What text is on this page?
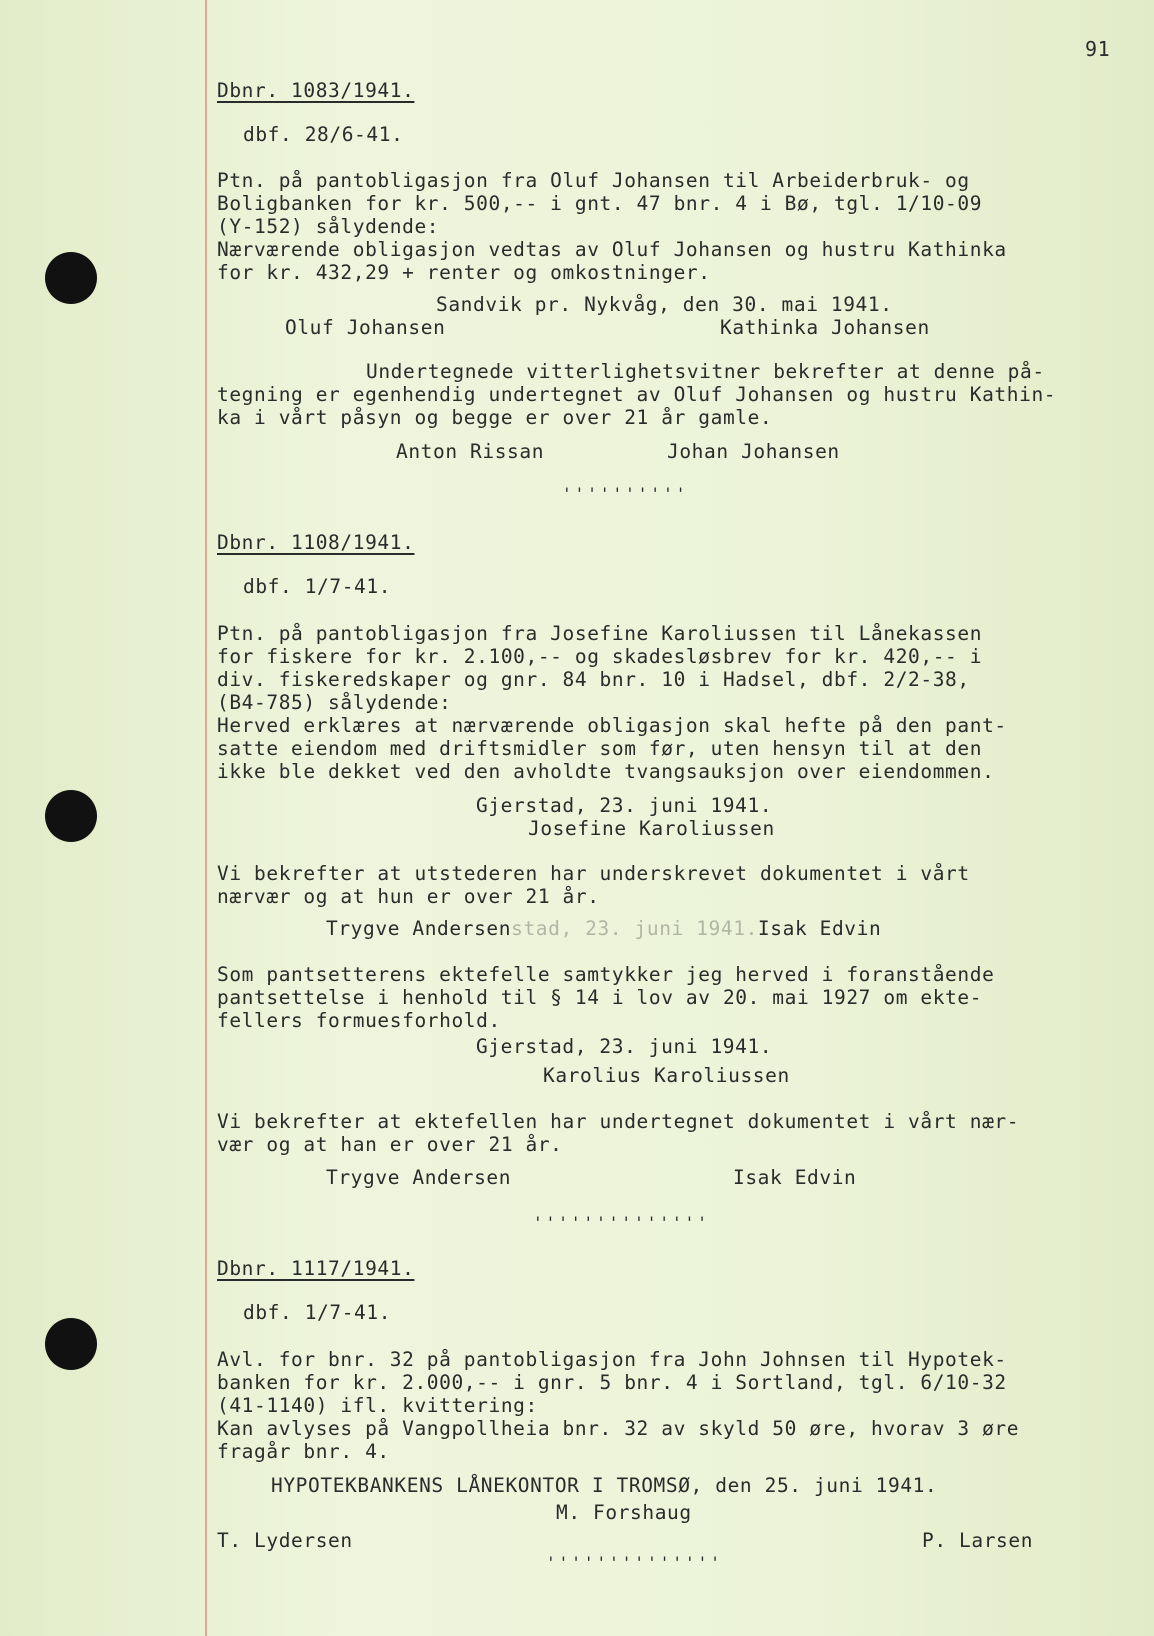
91
Dbnr. 1083/1941.
dbf. 28/6-41.
Ptn. på pantobligasjon fra Oluf Johansen til Arbeiderbruk- og
Boligbanken for kr. 500,-- i gnt. 47 bnr. 4 i Bø, tgl. 1/10-09
(Y-152) sålydende:
Nærværende obligasjon vedtas av Oluf Johansen og hustru Kathinka
for kr. 432,29 + renter og omkostninger.
Sandvik pr. Nykvåg, den 30. mai 1941.
Oluf Johansen	Kathinka Johansen
Undertegnede vitterlighetsvitner bekrefter at denne på-
tegning er egenhendig undertegnet av Oluf Johansen og hustru Kathin-
ka i vårt påsyn og begge er over 21 år gamle.
Anton Rissan	Johan Johansen
''''''''''
Dbnr. 1108/1941.
dbf. 1/7-41.
Ptn. på pantobligasjon fra Josefine Karoliussen til Lånekassen
for fiskere for kr. 2.100,-- og skadesløsbrev for kr. 420,-- i
div. fiskeredskaper og gnr. 84 bnr. 10 i Hadsel, dbf. 2/2-38,
(B4-785) sålydende:
Herved erklæres at nærværende obligasjon skal hefte på den pant-
satte eiendom med driftsmidler som før, uten hensyn til at den
ikke ble dekket ved den avholdte tvangsauksjon over eiendommen.
Gjerstad, 23. juni 1941.
Josefine Karoliussen
Vi bekrefter at utstederen har underskrevet dokumentet i vårt
nærvær og at hun er over 21 år.
Trygve Andersenstad, 23. juni 1941.Isak Edvin
Som pantsetterens ektefelle samtykker jeg herved i foranstående
pantsettelse i henhold til § 14 i lov av 20. mai 1927 om ekte-
fellers formuesforhold.
Gjerstad, 23. juni 1941.
Karolius Karoliussen
Vi bekrefter at ektefellen har undertegnet dokumentet i vårt nær-
vær og at han er over 21 år.
Trygve Andersen	Isak Edvin
''''''''''''''
Dbnr. 1117/1941.
dbf. 1/7-41.
Avl. for bnr. 32 på pantobligasjon fra John Johnsen til Hypotek-
banken for kr. 2.000,-- i gnr. 5 bnr. 4 i Sortland, tgl. 6/10-32
(41-1140) ifl. kvittering:
Kan avlyses på Vangpollheia bnr. 32 av skyld 50 øre, hvorav 3 øre
fragår bnr. 4.
HYPOTEKBANKENS LÅNEKONTOR I TROMSØ, den 25. juni 1941.
M. Forshaug
T. Lydersen	P. Larsen
''''''''''''''
